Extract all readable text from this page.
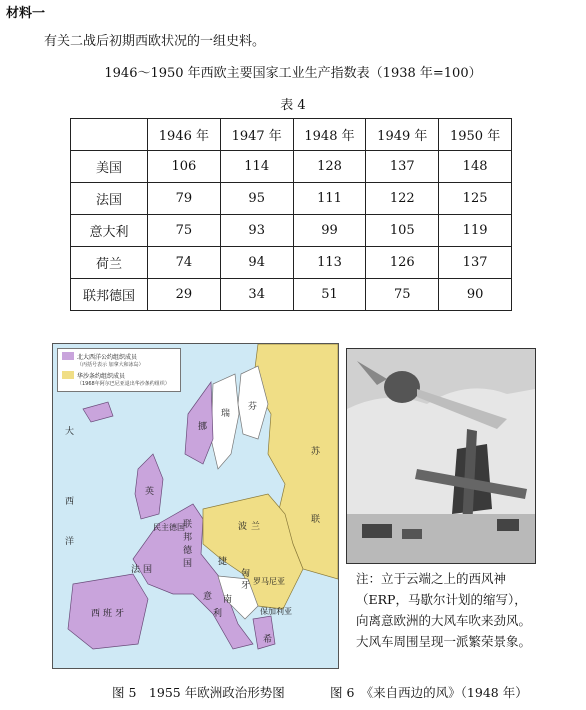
材料一
有关二战后初期西欧状况的一组史料。
1946～1950 年西欧主要国家工业生产指数表（1938 年=100）
表 4
	1946 年	1947 年	1948 年	1949 年	1950 年
美国	106	114	128	137	148
法国	79	95	111	122	125
意大利	75	93	99	105	119
荷兰	74	94	113	126	137
联邦德国	29	34	51	75	90
北大西洋公约组织成员
（丙括号表示 加拿大和冰岛）
华沙条约组织成员
（1968年阿尔巴尼亚退出华沙条约组织）
大
西
洋
挪
瑞
芬
苏
联
联
邦
德
国
民主德国	波 兰
捷
匈
牙 罗马尼亚
南
保加利亚
希
法 国
西 班 牙
意
利
英
注：立于云端之上的西风神（ERP，马歇尔计划的缩写），向离意欧洲的大风车吹来劲风。大风车周围呈现一派繁荣景象。
图 5　1955 年欧洲政治形势图	图 6　《来自西边的风》（1948 年）
